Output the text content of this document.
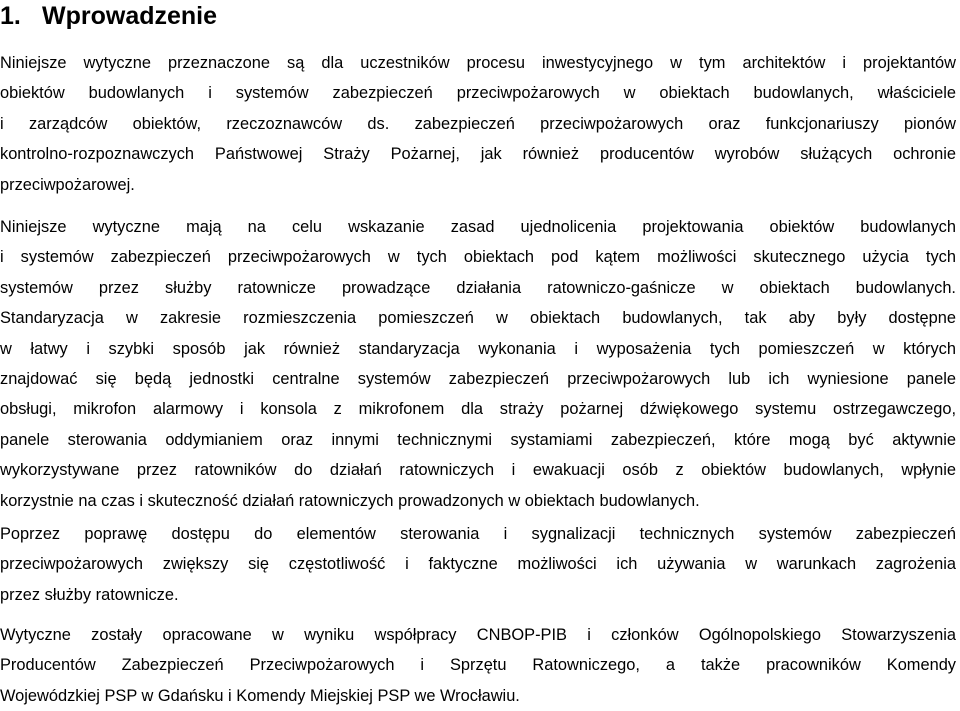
1. Wprowadzenie
Niniejsze wytyczne przeznaczone są dla uczestników procesu inwestycyjnego w tym architektów i projektantów
obiektów budowlanych i systemów zabezpieczeń przeciwpożarowych w obiektach budowlanych, właściciele
i zarządców obiektów, rzeczoznawców ds. zabezpieczeń przeciwpożarowych oraz funkcjonariuszy pionów
kontrolno-rozpoznawczych Państwowej Straży Pożarnej, jak również producentów wyrobów służących ochronie
przeciwpożarowej.
Niniejsze wytyczne mają na celu wskazanie zasad ujednolicenia projektowania obiektów budowlanych
i systemów zabezpieczeń przeciwpożarowych w tych obiektach pod kątem możliwości skutecznego użycia tych
systemów przez służby ratownicze prowadzące działania ratowniczo-gaśnicze w obiektach budowlanych.
Standaryzacja w zakresie rozmieszczenia pomieszczeń w obiektach budowlanych, tak aby były dostępne
w łatwy i szybki sposób jak również standaryzacja wykonania i wyposażenia tych pomieszczeń w których
znajdować się będą jednostki centralne systemów zabezpieczeń przeciwpożarowych lub ich wyniesione panele
obsługi, mikrofon alarmowy i konsola z mikrofonem dla straży pożarnej dźwiękowego systemu ostrzegawczego,
panele sterowania oddymianiem oraz innymi technicznymi systamiami zabezpieczeń, które mogą być aktywnie
wykorzystywane przez ratowników do działań ratowniczych i ewakuacji osób z obiektów budowlanych, wpłynie
korzystnie na czas i skuteczność działań ratowniczych prowadzonych w obiektach budowlanych.
Poprzez poprawę dostępu do elementów sterowania i sygnalizacji technicznych systemów zabezpieczeń
przeciwpożarowych zwiększy się częstotliwość i faktyczne możliwości ich używania w warunkach zagrożenia
przez służby ratownicze.
Wytyczne zostały opracowane w wyniku współpracy CNBOP-PIB i członków Ogólnopolskiego Stowarzyszenia
Producentów Zabezpieczeń Przeciwpożarowych i Sprzętu Ratowniczego, a także pracowników Komendy
Wojewódzkiej PSP w Gdańsku i Komendy Miejskiej PSP we Wrocławiu.
